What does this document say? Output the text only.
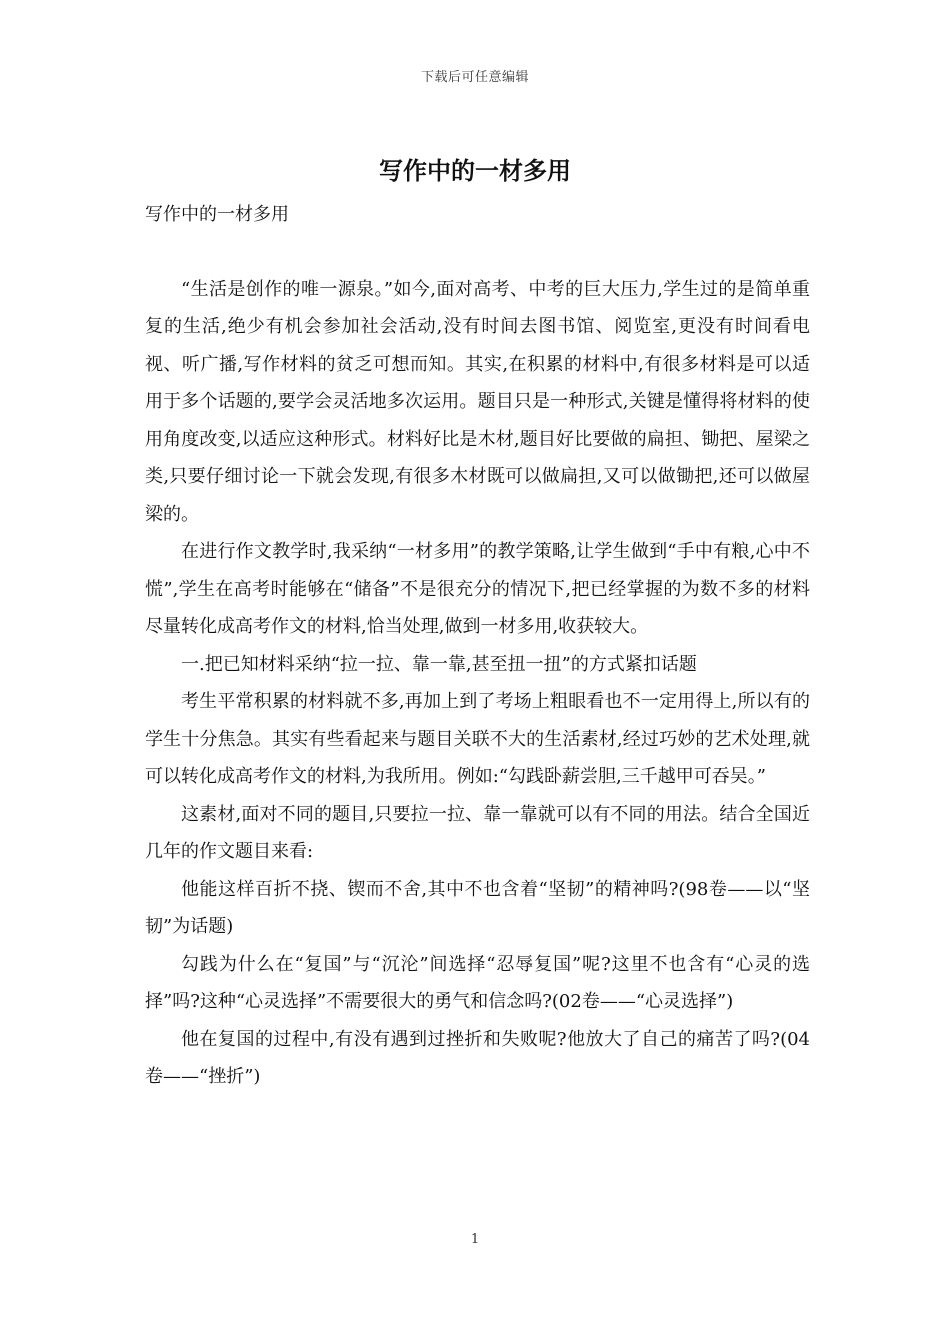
下载后可任意编辑
写作中的一材多用

写作中的一材多用

“生活是创作的唯一源泉。”如今,面对高考、中考的巨大压力,学生过的是简单重复的生活,绝少有机会参加社会活动,没有时间去图书馆、阅览室,更没有时间看电视、听广播,写作材料的贫乏可想而知。其实,在积累的材料中,有很多材料是可以适用于多个话题的,要学会灵活地多次运用。题目只是一种形式,关键是懂得将材料的使用角度改变,以适应这种形式。材料好比是木材,题目好比要做的扁担、锄把、屋梁之类,只要仔细讨论一下就会发现,有很多木材既可以做扁担,又可以做锄把,还可以做屋梁的。

在进行作文教学时,我采纳“一材多用”的教学策略,让学生做到“手中有粮,心中不慌”,学生在高考时能够在“储备”不是很充分的情况下,把已经掌握的为数不多的材料尽量转化成高考作文的材料,恰当处理,做到一材多用,收获较大。

一.把已知材料采纳“拉一拉、靠一靠,甚至扭一扭”的方式紧扣话题

考生平常积累的材料就不多,再加上到了考场上粗眼看也不一定用得上,所以有的学生十分焦急。其实有些看起来与题目关联不大的生活素材,经过巧妙的艺术处理,就可以转化成高考作文的材料,为我所用。例如:“勾践卧薪尝胆,三千越甲可吞吴。”

这素材,面对不同的题目,只要拉一拉、靠一靠就可以有不同的用法。结合全国近几年的作文题目来看:

他能这样百折不挠、锲而不舍,其中不也含着“坚韧”的精神吗?(98卷——以“坚韧”为话题)

勾践为什么在“复国”与“沉沦”间选择“忍辱复国”呢?这里不也含有“心灵的选择”吗?这种“心灵选择”不需要很大的勇气和信念吗?(02卷——“心灵选择”)

他在复国的过程中,有没有遇到过挫折和失败呢?他放大了自己的痛苦了吗?(04卷——“挫折”)

1
